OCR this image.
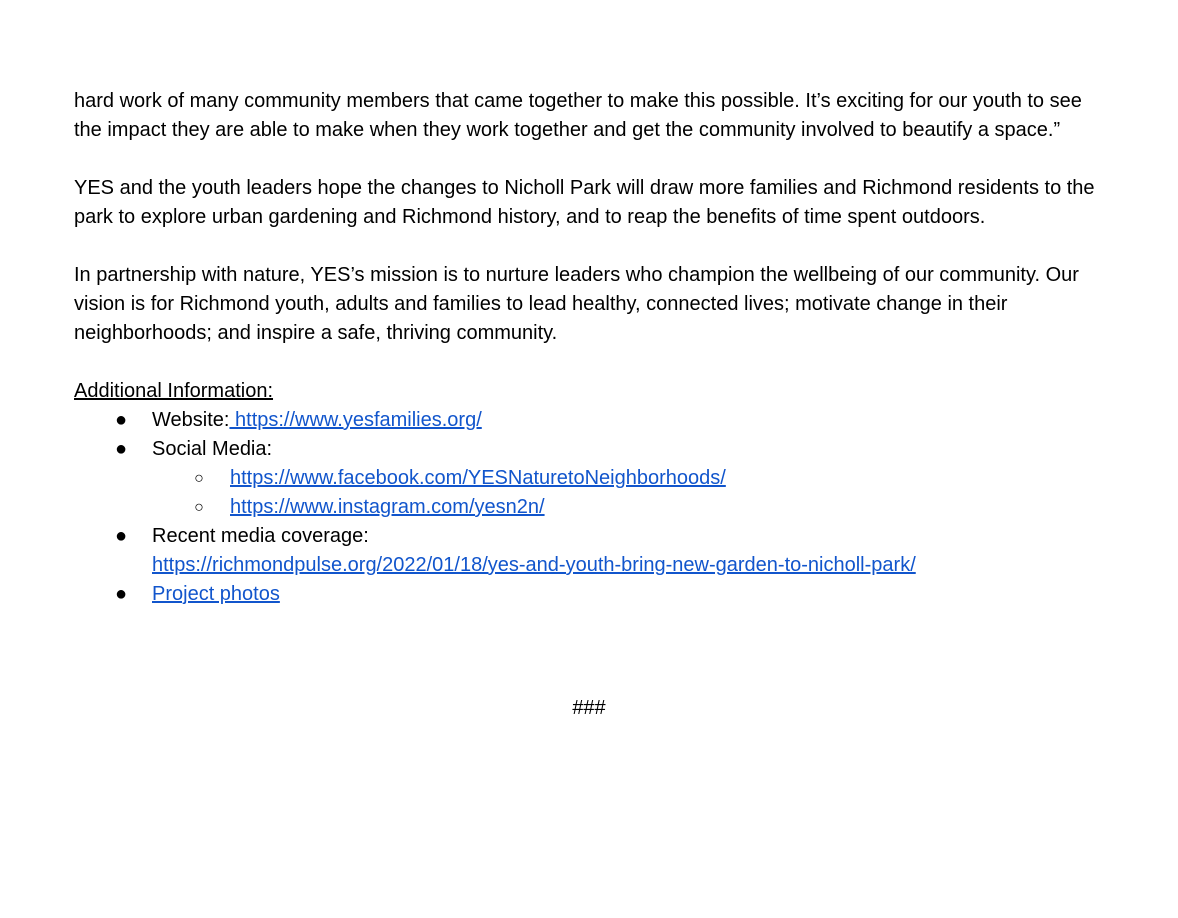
hard work of many community members that came together to make this possible. It’s exciting for our youth to see the impact they are able to make when they work together and get the community involved to beautify a space.”

YES and the youth leaders hope the changes to Nicholl Park will draw more families and Richmond residents to the park to explore urban gardening and Richmond history, and to reap the benefits of time spent outdoors.

In partnership with nature, YES’s mission is to nurture leaders who champion the wellbeing of our community. Our vision is for Richmond youth, adults and families to lead healthy, connected lives; motivate change in their neighborhoods; and inspire a safe, thriving community.

Additional Information:
● Website: https://www.yesfamilies.org/
● Social Media:
○ https://www.facebook.com/YESNaturetoNeighborhoods/
○ https://www.instagram.com/yesn2n/
● Recent media coverage:
https://richmondpulse.org/2022/01/18/yes-and-youth-bring-new-garden-to-nicholl-park/
● Project photos
###
